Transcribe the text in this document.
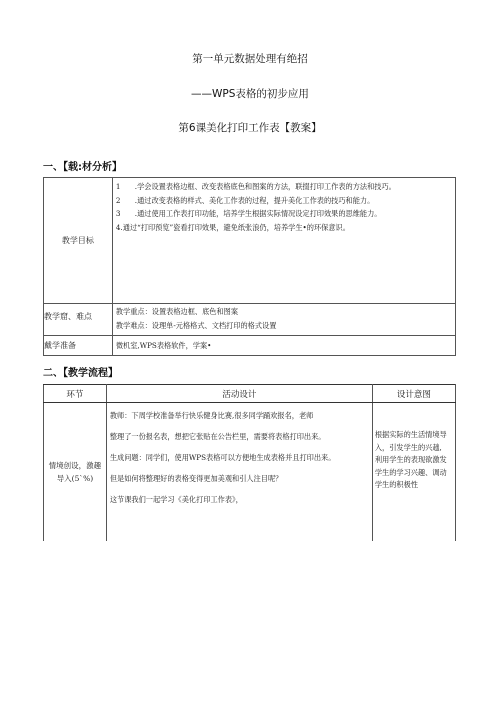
第一单元数据处理有绝招
——WPS表格的初步应用
第6课美化打印工作表【教案】
一、【载:材分析】
教学目标	1　　.学会设置表格边框、改变表格底色和图案的方法，联掇打印工作表的方法和技巧。
2　　.通过改变表格的样式、美化工作表的过程，提升美化工作表的技巧和能力。
3　　.通过使用工作表打印功能，培养学生根据实际情况设定打印效果的思维能力。
4.通过“打印预览”瓷看打印效果，避免纸张浪仍，培养学生•的环保意识。

教学窟、难点	教学重点：设置表格边框、底色和图案
教学难点：设理单-元格格式、文档打印的格式设置

戴学准备	微机室,WPS表格软件，学案•
二、【教学流程】
环节	活动设计	设计意图
情境创设，激趣导入(5`%)	教师：下周学校准备举行快乐健身比赛,很多同学踊欢报名，老师
整理了一份报名表，想把它张贴在公告栏里，需要将表格打印出来。
生成问题：同学们，使用WPS表格可以方便地生成表格并且打印出来。
但是如何将整理好的表格变得更加美观和引人注目呢？
这节课我们一起学习《美化打印工作表》，	根据实际的生活情境导入，引发学生的兴趉,利用学生的表现欲激发学生的学习兴趣、调动学生的积极性
